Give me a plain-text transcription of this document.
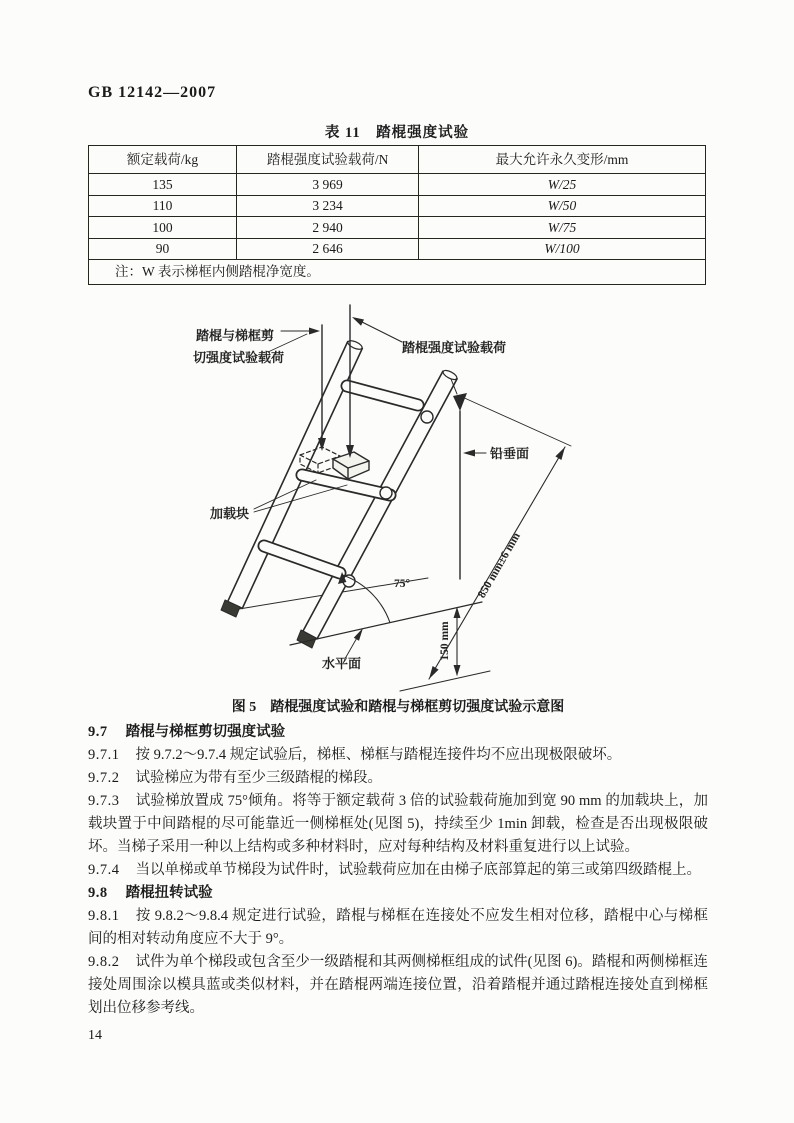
GB 12142—2007
表 11　踏棍强度试验
额定载荷/kg	踏棍强度试验载荷/N	最大允许永久变形/mm
135	3 969	W/25
110	3 234	W/50
100	2 940	W/75
90	2 646	W/100
注：W 表示梯框内侧踏棍净宽度。		
踏棍与梯框剪
切强度试验载荷
踏棍强度试验载荷
铅垂面
加载块
75°
150 mm
850 mm±6 mm
水平面
图 5　踏棍强度试验和踏棍与梯框剪切强度试验示意图

9.7 踏棍与梯框剪切强度试验

9.7.1 按 9.7.2～9.7.4 规定试验后，梯框、梯框与踏棍连接件均不应出现极限破坏。

9.7.2 试验梯应为带有至少三级踏棍的梯段。

9.7.3 试验梯放置成 75°倾角。将等于额定载荷 3 倍的试验载荷施加到宽 90 mm 的加载块上，加载块置于中间踏棍的尽可能靠近一侧梯框处(见图 5)，持续至少 1min 卸载，检查是否出现极限破坏。当梯子采用一种以上结构或多种材料时，应对每种结构及材料重复进行以上试验。

9.7.4 当以单梯或单节梯段为试件时，试验载荷应加在由梯子底部算起的第三或第四级踏棍上。

9.8 踏棍扭转试验

9.8.1 按 9.8.2～9.8.4 规定进行试验，踏棍与梯框在连接处不应发生相对位移，踏棍中心与梯框间的相对转动角度应不大于 9°。

9.8.2 试件为单个梯段或包含至少一级踏棍和其两侧梯框组成的试件(见图 6)。踏棍和两侧梯框连接处周围涂以模具蓝或类似材料，并在踏棍两端连接位置，沿着踏棍并通过踏棍连接处直到梯框划出位移参考线。

14
